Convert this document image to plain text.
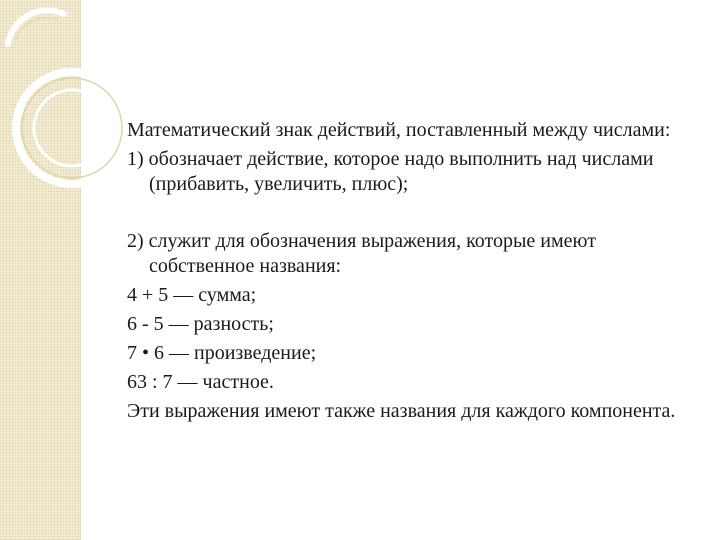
Математический знак действий, поставленный между числами:

1) обозначает действие, которое надо выполнить над числами (прибавить, увеличить, плюс);

2) служит для обозначения выражения, которые имеют собственное названия:

4 + 5 — сумма;

6 - 5 — разность;

7 • 6 — произведение;

63 : 7 — частное.

Эти выражения имеют также названия для каждого компонента.
